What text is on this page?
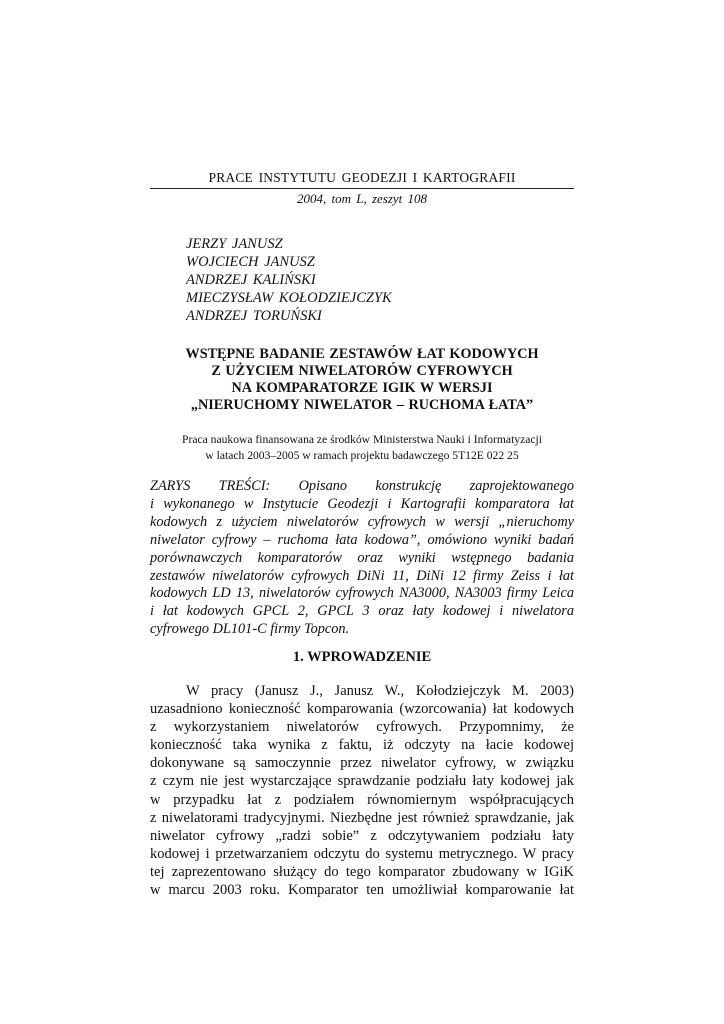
PRACE INSTYTUTU GEODEZJI I KARTOGRAFII
2004, tom L, zeszyt 108
JERZY JANUSZ
WOJCIECH JANUSZ
ANDRZEJ KALIŃSKI
MIECZYSŁAW KOŁODZIEJCZYK
ANDRZEJ TORUŃSKI
WSTĘPNE BADANIE ZESTAWÓW ŁAT KODOWYCH
Z UŻYCIEM NIWELATORÓW CYFROWYCH
NA KOMPARATORZE IGIK W WERSJI
„NIERUCHOMY NIWELATOR – RUCHOMA ŁATA”
Praca naukowa finansowana ze środków Ministerstwa Nauki i Informatyzacji
w latach 2003–2005 w ramach projektu badawczego 5T12E 022 25
ZARYS TREŚCI: Opisano konstrukcję zaprojektowanego
i wykonanego w Instytucie Geodezji i Kartografii komparatora łat
kodowych z użyciem niwelatorów cyfrowych w wersji „nieruchomy
niwelator cyfrowy – ruchoma łata kodowa”, omówiono wyniki badań
porównawczych komparatorów oraz wyniki wstępnego badania
zestawów niwelatorów cyfrowych DiNi 11, DiNi 12 firmy Zeiss i łat
kodowych LD 13, niwelatorów cyfrowych NA3000, NA3003 firmy Leica
i łat kodowych GPCL 2, GPCL 3 oraz łaty kodowej i niwelatora
cyfrowego DL101-C firmy Topcon.
1. WPROWADZENIE
W pracy (Janusz J., Janusz W., Kołodziejczyk M. 2003)
uzasadniono konieczność komparowania (wzorcowania) łat kodowych
z wykorzystaniem niwelatorów cyfrowych. Przypomnimy, że
konieczność taka wynika z faktu, iż odczyty na łacie kodowej
dokonywane są samoczynnie przez niwelator cyfrowy, w związku
z czym nie jest wystarczające sprawdzanie podziału łaty kodowej jak
w przypadku łat z podziałem równomiernym współpracujących
z niwelatorami tradycyjnymi. Niezbędne jest również sprawdzanie, jak
niwelator cyfrowy „radzi sobie” z odczytywaniem podziału łaty
kodowej i przetwarzaniem odczytu do systemu metrycznego. W pracy
tej zaprezentowano służący do tego komparator zbudowany w IGiK
w marcu 2003 roku. Komparator ten umożliwiał komparowanie łat
